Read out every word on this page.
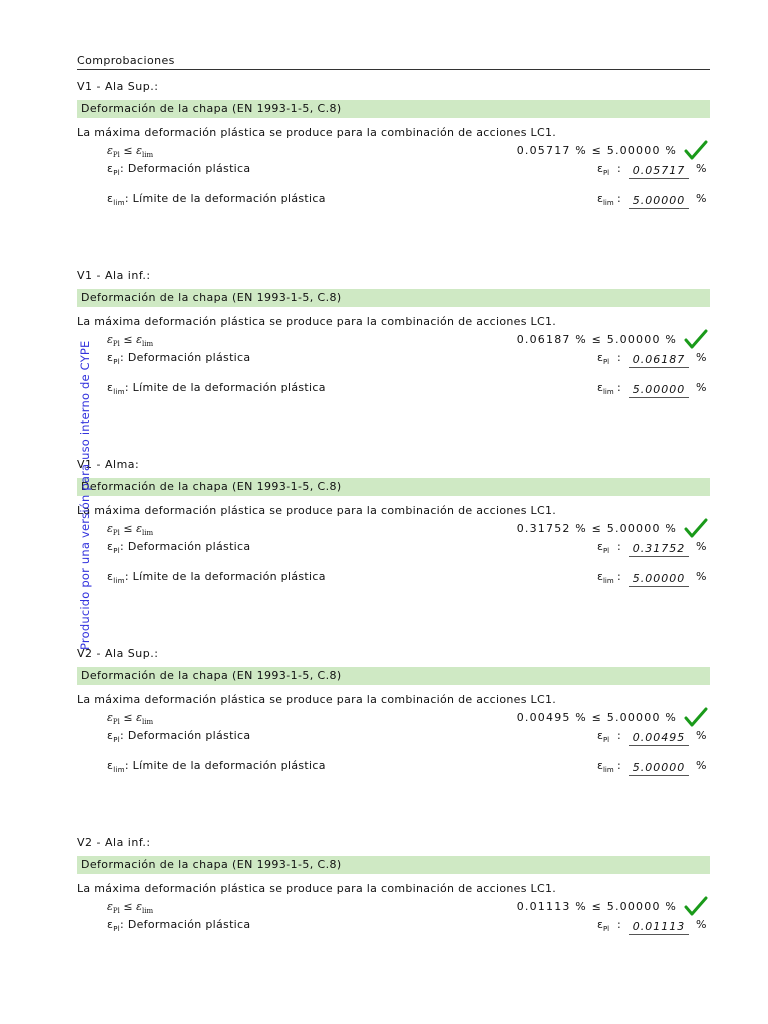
Comprobaciones
V1 - Ala Sup.:
Deformación de la chapa (EN 1993-1-5, C.8)
La máxima deformación plástica se produce para la combinación de acciones LC1.
$\varepsilon_{Pl} \le \varepsilon_{lim}$	0.05717 % ≤ 5.00000 %
$\varepsilon_{Pl}$: Deformación plástica	$\varepsilon_{Pl}$ :	0.05717 %
$\varepsilon_{lim}$: Límite de la deformación plástica	$\varepsilon_{lim}$ :	5.00000 %
V1 - Ala inf.:
Deformación de la chapa (EN 1993-1-5, C.8)
La máxima deformación plástica se produce para la combinación de acciones LC1.
$\varepsilon_{Pl} \le \varepsilon_{lim}$	0.06187 % ≤ 5.00000 %
$\varepsilon_{Pl}$: Deformación plástica	$\varepsilon_{Pl}$ :	0.06187 %
$\varepsilon_{lim}$: Límite de la deformación plástica	$\varepsilon_{lim}$ :	5.00000 %
V1 - Alma:
Deformación de la chapa (EN 1993-1-5, C.8)
La máxima deformación plástica se produce para la combinación de acciones LC1.
$\varepsilon_{Pl} \le \varepsilon_{lim}$	0.31752 % ≤ 5.00000 %
$\varepsilon_{Pl}$: Deformación plástica	$\varepsilon_{Pl}$ :	0.31752 %
$\varepsilon_{lim}$: Límite de la deformación plástica	$\varepsilon_{lim}$ :	5.00000 %
V2 - Ala Sup.:
Deformación de la chapa (EN 1993-1-5, C.8)
La máxima deformación plástica se produce para la combinación de acciones LC1.
$\varepsilon_{Pl} \le \varepsilon_{lim}$	0.00495 % ≤ 5.00000 %
$\varepsilon_{Pl}$: Deformación plástica	$\varepsilon_{Pl}$ :	0.00495 %
$\varepsilon_{lim}$: Límite de la deformación plástica	$\varepsilon_{lim}$ :	5.00000 %
V2 - Ala inf.:
Deformación de la chapa (EN 1993-1-5, C.8)
La máxima deformación plástica se produce para la combinación de acciones LC1.
$\varepsilon_{Pl} \le \varepsilon_{lim}$	0.01113 % ≤ 5.00000 %
$\varepsilon_{Pl}$: Deformación plástica	$\varepsilon_{Pl}$ :	0.01113 %
Producido por una versión para uso interno de CYPE
